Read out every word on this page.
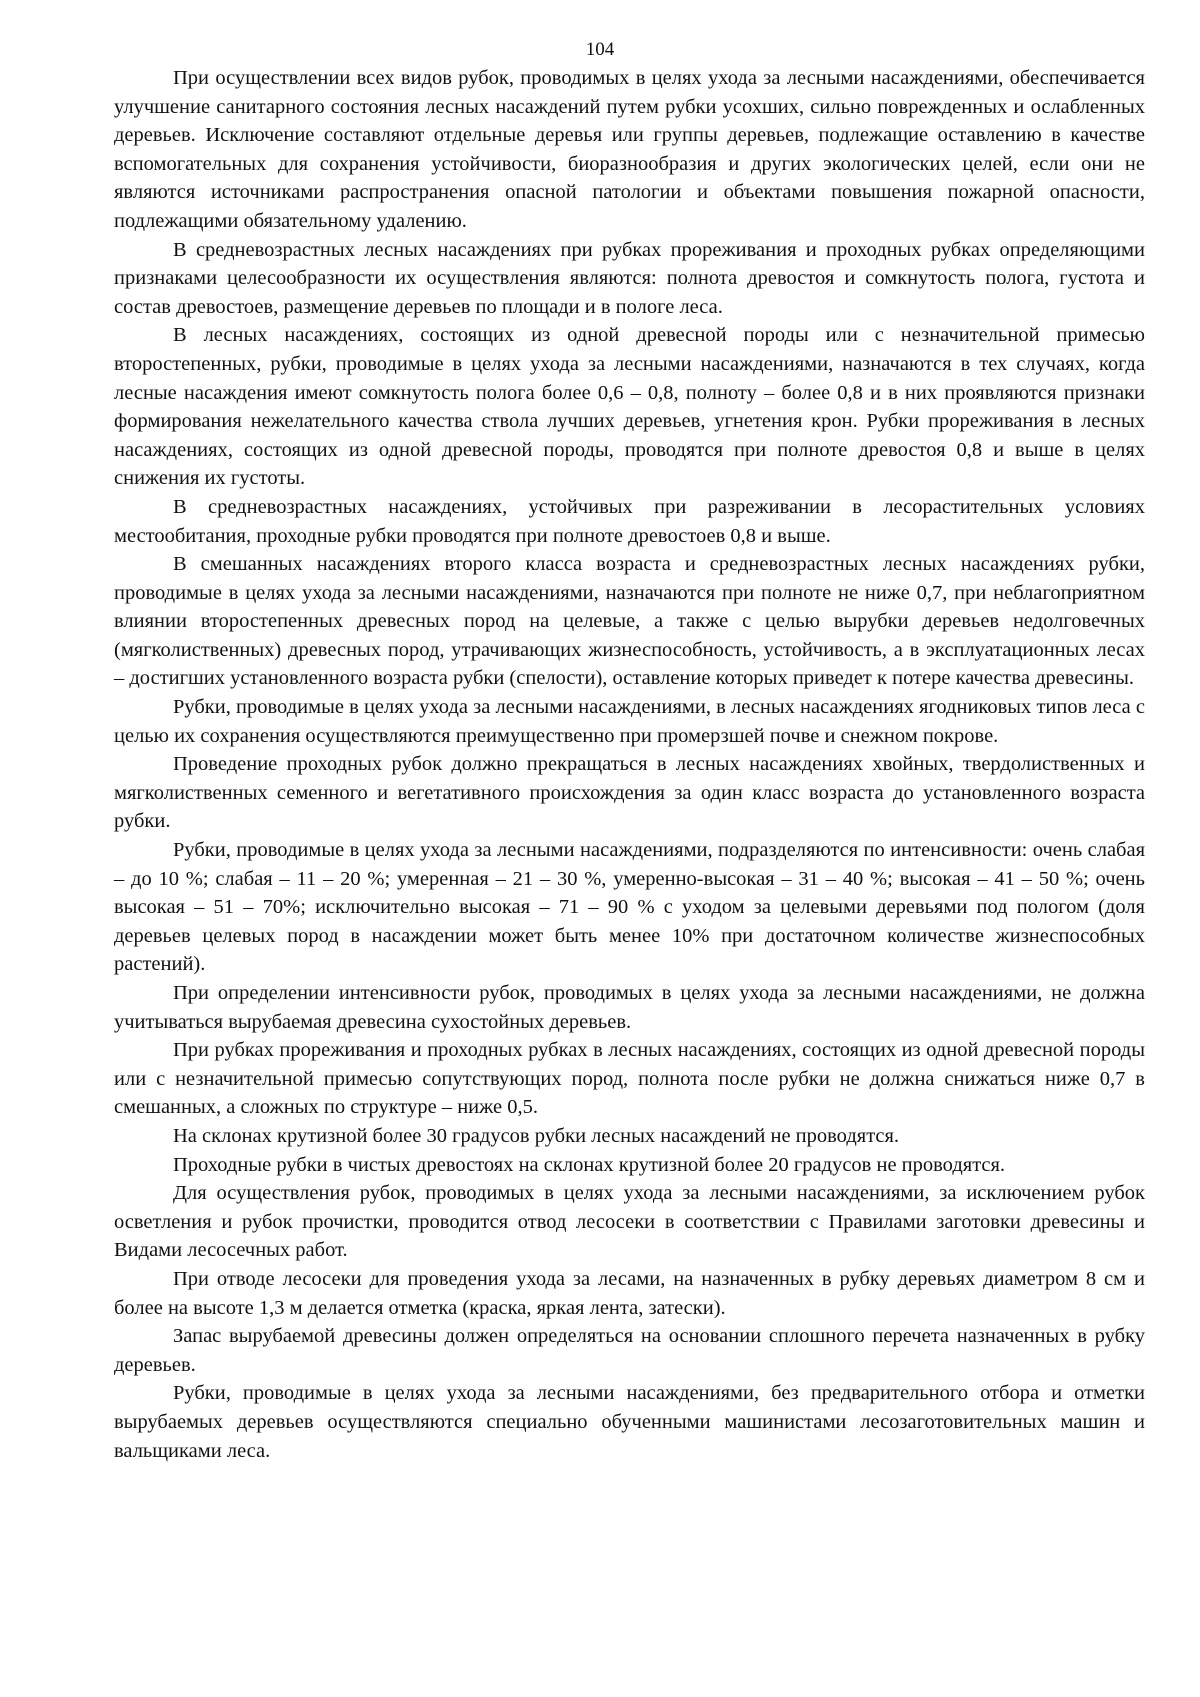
104

При осуществлении всех видов рубок, проводимых в целях ухода за лесными насаждениями, обеспечивается улучшение санитарного состояния лесных насаждений путем рубки усохших, сильно поврежденных и ослабленных деревьев. Исключение составляют отдельные деревья или группы деревьев, подлежащие оставлению в качестве вспомогательных для сохранения устойчивости, биоразнообразия и других экологических целей, если они не являются источниками распространения опасной патологии и объектами повышения пожарной опасности, подлежащими обязательному удалению.

В средневозрастных лесных насаждениях при рубках прореживания и проходных рубках определяющими признаками целесообразности их осуществления являются: полнота древостоя и сомкнутость полога, густота и состав древостоев, размещение деревьев по площади и в пологе леса.

В лесных насаждениях, состоящих из одной древесной породы или с незначительной примесью второстепенных, рубки, проводимые в целях ухода за лесными насаждениями, назначаются в тех случаях, когда лесные насаждения имеют сомкнутость полога более 0,6 – 0,8, полноту – более 0,8 и в них проявляются признаки формирования нежелательного качества ствола лучших деревьев, угнетения крон. Рубки прореживания в лесных насаждениях, состоящих из одной древесной породы, проводятся при полноте древостоя 0,8 и выше в целях снижения их густоты.

В средневозрастных насаждениях, устойчивых при разреживании в лесорастительных условиях местообитания, проходные рубки проводятся при полноте древостоев 0,8 и выше.

В смешанных насаждениях второго класса возраста и средневозрастных лесных насаждениях рубки, проводимые в целях ухода за лесными насаждениями, назначаются при полноте не ниже 0,7, при неблагоприятном влиянии второстепенных древесных пород на целевые, а также с целью вырубки деревьев недолговечных (мягколиственных) древесных пород, утрачивающих жизнеспособность, устойчивость, а в эксплуатационных лесах – достигших установленного возраста рубки (спелости), оставление которых приведет к потере качества древесины.

Рубки, проводимые в целях ухода за лесными насаждениями, в лесных насаждениях ягодниковых типов леса с целью их сохранения осуществляются преимущественно при промерзшей почве и снежном покрове.

Проведение проходных рубок должно прекращаться в лесных насаждениях хвойных, твердолиственных и мягколиственных семенного и вегетативного происхождения за один класс возраста до установленного возраста рубки.

Рубки, проводимые в целях ухода за лесными насаждениями, подразделяются по интенсивности: очень слабая – до 10 %; слабая – 11 – 20 %; умеренная – 21 – 30 %, умеренно-высокая – 31 – 40 %; высокая – 41 – 50 %; очень высокая – 51 – 70%; исключительно высокая – 71 – 90 % с уходом за целевыми деревьями под пологом (доля деревьев целевых пород в насаждении может быть менее 10% при достаточном количестве жизнеспособных растений).

При определении интенсивности рубок, проводимых в целях ухода за лесными насаждениями, не должна учитываться вырубаемая древесина сухостойных деревьев.

При рубках прореживания и проходных рубках в лесных насаждениях, состоящих из одной древесной породы или с незначительной примесью сопутствующих пород, полнота после рубки не должна снижаться ниже 0,7 в смешанных, а сложных по структуре – ниже 0,5.

На склонах крутизной более 30 градусов рубки лесных насаждений не проводятся.

Проходные рубки в чистых древостоях на склонах крутизной более 20 градусов не проводятся.

Для осуществления рубок, проводимых в целях ухода за лесными насаждениями, за исключением рубок осветления и рубок прочистки, проводится отвод лесосеки в соответствии с Правилами заготовки древесины и Видами лесосечных работ.

При отводе лесосеки для проведения ухода за лесами, на назначенных в рубку деревьях диаметром 8 см и более на высоте 1,3 м делается отметка (краска, яркая лента, затески).

Запас вырубаемой древесины должен определяться на основании сплошного перечета назначенных в рубку деревьев.

Рубки, проводимые в целях ухода за лесными насаждениями, без предварительного отбора и отметки вырубаемых деревьев осуществляются специально обученными машинистами лесозаготовительных машин и вальщиками леса.
